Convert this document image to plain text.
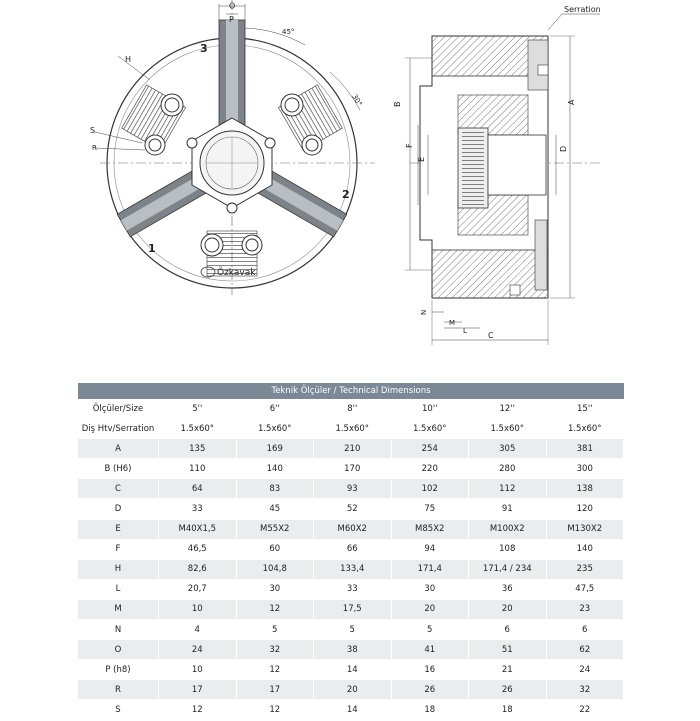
Özkavak
O
P
45°
30°
H
S
R
3
2
1
Serration
A
B
F
E
D
C
L
M
N
Teknik Ölçüler / Technical Dimensions
Ölçüler/Size	5''	6''	8''	10''	12''	15''
Diş Htv/Serration	1.5x60°	1.5x60°	1.5x60°	1.5x60°	1.5x60°	1.5x60°
A	135	169	210	254	305	381
B (H6)	110	140	170	220	280	300
C	64	83	93	102	112	138
D	33	45	52	75	91	120
E	M40X1,5	M55X2	M60X2	M85X2	M100X2	M130X2
F	46,5	60	66	94	108	140
H	82,6	104,8	133,4	171,4	171,4 / 234	235
L	20,7	30	33	30	36	47,5
M	10	12	17,5	20	20	23
N	4	5	5	5	6	6
O	24	32	38	41	51	62
P (h8)	10	12	14	16	21	24
R	17	17	20	26	26	32
S	12	12	14	18	18	22
